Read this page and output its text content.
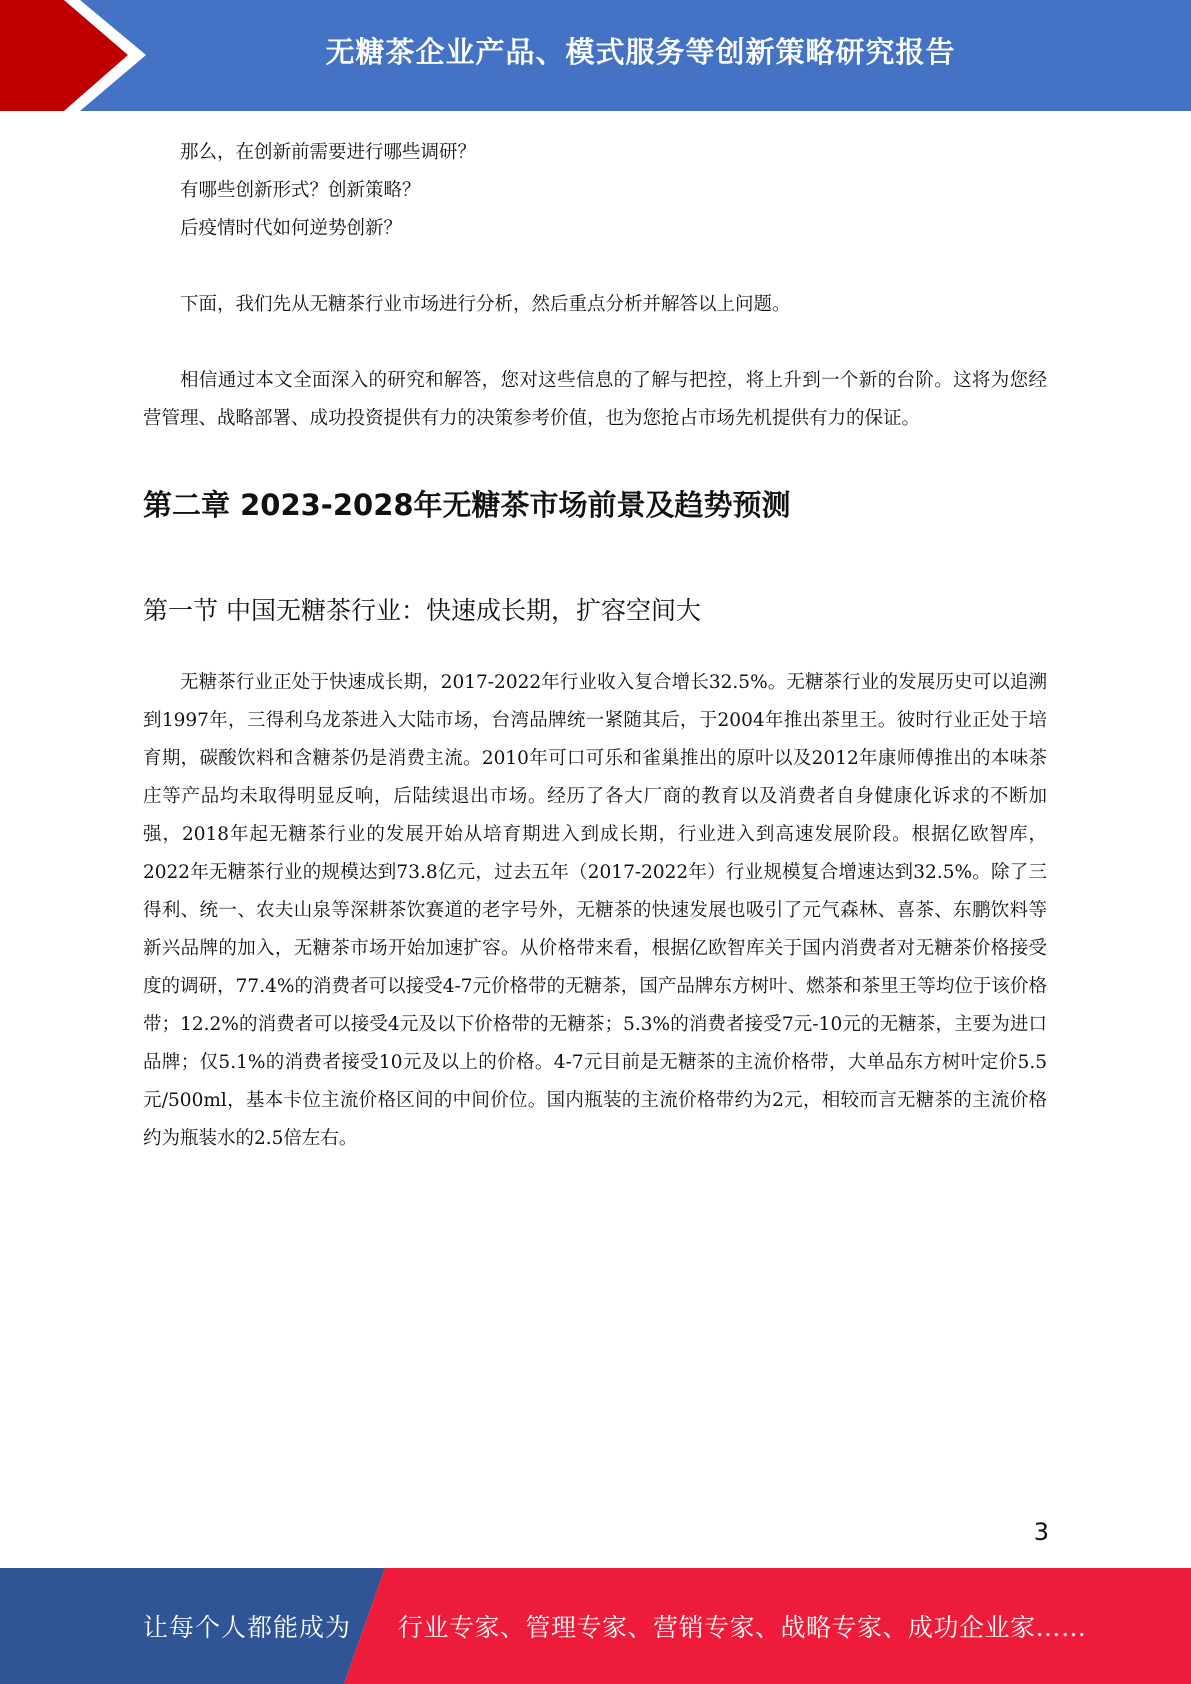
无糖茶企业产品、模式服务等创新策略研究报告

那么，在创新前需要进行哪些调研？

有哪些创新形式？创新策略？

后疫情时代如何逆势创新？

下面，我们先从无糖茶行业市场进行分析，然后重点分析并解答以上问题。

相信通过本文全面深入的研究和解答，您对这些信息的了解与把控，将上升到一个新的台阶。这将为您经营管理、战略部署、成功投资提供有力的决策参考价值，也为您抢占市场先机提供有力的保证。

第二章 2023-2028年无糖茶市场前景及趋势预测
第一节 中国无糖茶行业：快速成长期，扩容空间大

无糖茶行业正处于快速成长期，2017-2022年行业收入复合增长32.5%。无糖茶行业的发展历史可以追溯到1997年，三得利乌龙茶进入大陆市场，台湾品牌统一紧随其后，于2004年推出茶里王。彼时行业正处于培育期，碳酸饮料和含糖茶仍是消费主流。2010年可口可乐和雀巢推出的原叶以及2012年康师傅推出的本味茶庄等产品均未取得明显反响，后陆续退出市场。经历了各大厂商的教育以及消费者自身健康化诉求的不断加强，2018年起无糖茶行业的发展开始从培育期进入到成长期，行业进入到高速发展阶段。根据亿欧智库，2022年无糖茶行业的规模达到73.8亿元，过去五年（2017-2022年）行业规模复合增速达到32.5%。除了三得利、统一、农夫山泉等深耕茶饮赛道的老字号外，无糖茶的快速发展也吸引了元气森林、喜茶、东鹏饮料等新兴品牌的加入，无糖茶市场开始加速扩容。从价格带来看，根据亿欧智库关于国内消费者对无糖茶价格接受度的调研，77.4%的消费者可以接受4-7元价格带的无糖茶，国产品牌东方树叶、燃茶和茶里王等均位于该价格带；12.2%的消费者可以接受4元及以下价格带的无糖茶；5.3%的消费者接受7元-10元的无糖茶，主要为进口品牌；仅5.1%的消费者接受10元及以上的价格。4-7元目前是无糖茶的主流价格带，大单品东方树叶定价5.5元/500ml，基本卡位主流价格区间的中间价位。国内瓶装的主流价格带约为2元，相较而言无糖茶的主流价格约为瓶装水的2.5倍左右。

3
让每个人都能成为 行业专家、管理专家、营销专家、战略专家、成功企业家……
